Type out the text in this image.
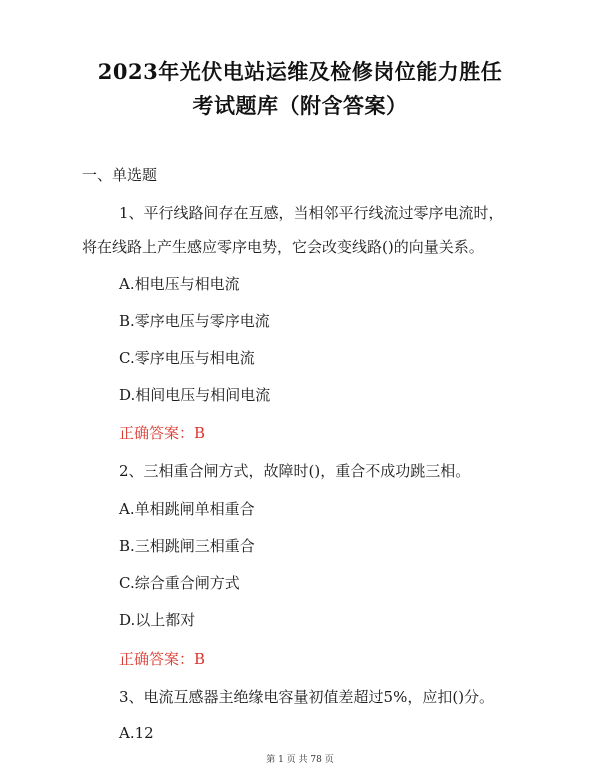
2023年光伏电站运维及检修岗位能力胜任
考试题库（附含答案）
一、单选题
1、平行线路间存在互感，当相邻平行线流过零序电流时，
将在线路上产生感应零序电势，它会改变线路()的向量关系。
A.相电压与相电流
B.零序电压与零序电流
C.零序电压与相电流
D.相间电压与相间电流
正确答案：B
2、三相重合闸方式，故障时()，重合不成功跳三相。
A.单相跳闸单相重合
B.三相跳闸三相重合
C.综合重合闸方式
D.以上都对
正确答案：B
3、电流互感器主绝缘电容量初值差超过5%，应扣()分。
A.12
第 1 页 共 78 页
